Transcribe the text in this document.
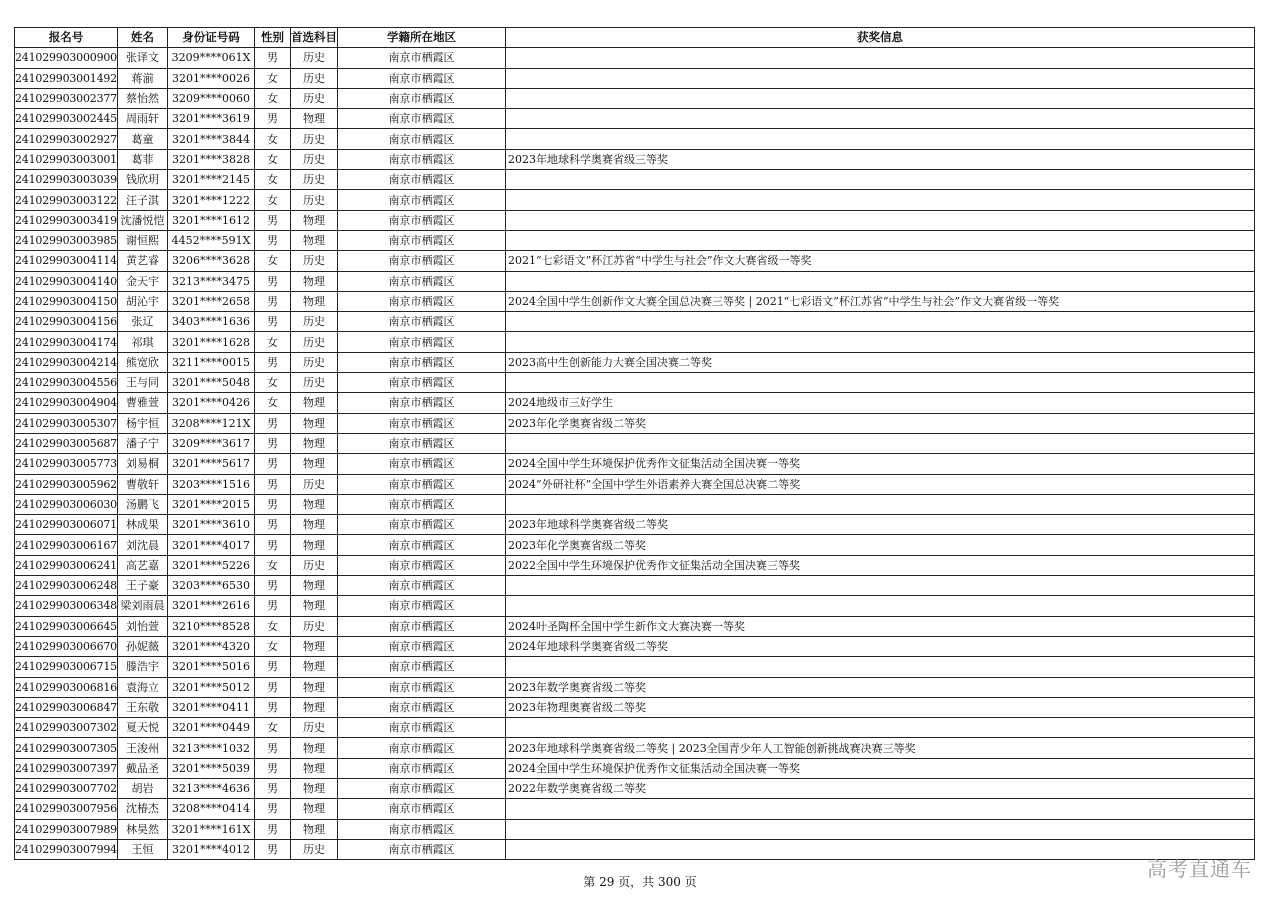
报名号	姓名	身份证号码	性别	首选科目	学籍所在地区	获奖信息
241029903000900	张译文	3209****061X	男	历史	南京市栖霞区	
241029903001492	蒋湔	3201****0026	女	历史	南京市栖霞区	
241029903002377	蔡怡然	3209****0060	女	历史	南京市栖霞区	
241029903002445	周雨轩	3201****3619	男	物理	南京市栖霞区	
241029903002927	葛童	3201****3844	女	历史	南京市栖霞区	
241029903003001	葛菲	3201****3828	女	历史	南京市栖霞区	2023年地球科学奥赛省级三等奖
241029903003039	钱欣玥	3201****2145	女	历史	南京市栖霞区	
241029903003122	汪子淇	3201****1222	女	历史	南京市栖霞区	
241029903003419	沈潘悦恺	3201****1612	男	物理	南京市栖霞区	
241029903003985	谢恒熙	4452****591X	男	物理	南京市栖霞区	
241029903004114	黄艺睿	3206****3628	女	历史	南京市栖霞区	2021“七彩语文”杯江苏省“中学生与社会”作文大赛省级一等奖
241029903004140	金天宇	3213****3475	男	物理	南京市栖霞区	
241029903004150	胡沁宇	3201****2658	男	物理	南京市栖霞区	2024全国中学生创新作文大赛全国总决赛三等奖 | 2021“七彩语文”杯江苏省“中学生与社会”作文大赛省级一等奖
241029903004156	张辽	3403****1636	男	历史	南京市栖霞区	
241029903004174	祁琪	3201****1628	女	历史	南京市栖霞区	
241029903004214	熊宽欣	3211****0015	男	历史	南京市栖霞区	2023高中生创新能力大赛全国决赛二等奖
241029903004556	王与同	3201****5048	女	历史	南京市栖霞区	
241029903004904	曹雅萱	3201****0426	女	物理	南京市栖霞区	2024地级市三好学生
241029903005307	杨宇恒	3208****121X	男	物理	南京市栖霞区	2023年化学奥赛省级二等奖
241029903005687	潘子宁	3209****3617	男	物理	南京市栖霞区	
241029903005773	刘易桐	3201****5617	男	物理	南京市栖霞区	2024全国中学生环境保护优秀作文征集活动全国决赛一等奖
241029903005962	曹敬轩	3203****1516	男	历史	南京市栖霞区	2024“外研社杯”全国中学生外语素养大赛全国总决赛二等奖
241029903006030	汤鹏飞	3201****2015	男	物理	南京市栖霞区	
241029903006071	林成果	3201****3610	男	物理	南京市栖霞区	2023年地球科学奥赛省级二等奖
241029903006167	刘沈晨	3201****4017	男	物理	南京市栖霞区	2023年化学奥赛省级二等奖
241029903006241	高艺嘉	3201****5226	女	历史	南京市栖霞区	2022全国中学生环境保护优秀作文征集活动全国决赛三等奖
241029903006248	王子豪	3203****6530	男	物理	南京市栖霞区	
241029903006348	梁刘雨晨	3201****2616	男	物理	南京市栖霞区	
241029903006645	刘怡萱	3210****8528	女	历史	南京市栖霞区	2024叶圣陶杯全国中学生新作文大赛决赛一等奖
241029903006670	孙妮薇	3201****4320	女	物理	南京市栖霞区	2024年地球科学奥赛省级二等奖
241029903006715	滕浩宇	3201****5016	男	物理	南京市栖霞区	
241029903006816	袁海立	3201****5012	男	物理	南京市栖霞区	2023年数学奥赛省级二等奖
241029903006847	王东敬	3201****0411	男	物理	南京市栖霞区	2023年物理奥赛省级二等奖
241029903007302	夏天悦	3201****0449	女	历史	南京市栖霞区	
241029903007305	王浚州	3213****1032	男	物理	南京市栖霞区	2023年地球科学奥赛省级二等奖 | 2023全国青少年人工智能创新挑战赛决赛三等奖
241029903007397	戴品圣	3201****5039	男	物理	南京市栖霞区	2024全国中学生环境保护优秀作文征集活动全国决赛一等奖
241029903007702	胡岩	3213****4636	男	物理	南京市栖霞区	2022年数学奥赛省级二等奖
241029903007956	沈椿杰	3208****0414	男	物理	南京市栖霞区	
241029903007989	林昊然	3201****161X	男	物理	南京市栖霞区	
241029903007994	王恒	3201****4012	男	历史	南京市栖霞区	
第 29 页，共 300 页
高考直通车
